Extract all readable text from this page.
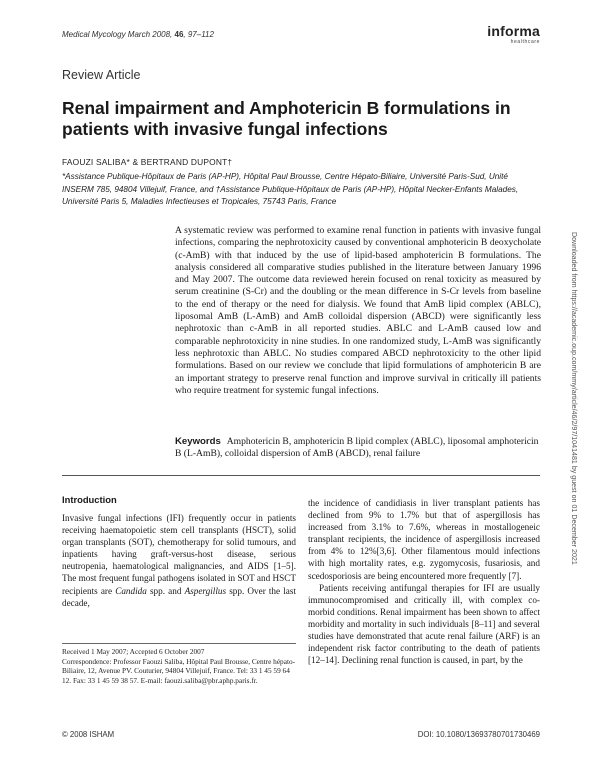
Medical Mycology March 2008, 46, 97–112	informa
healthcare
Review Article
Renal impairment and Amphotericin B formulations in patients with invasive fungal infections
FAOUZI SALIBA* & BERTRAND DUPONT†
*Assistance Publique-Hôpitaux de Paris (AP-HP), Hôpital Paul Brousse, Centre Hépato-Biliaire, Université Paris-Sud, Unité INSERM 785, 94804 Villejuif, France, and †Assistance Publique-Hôpitaux de Paris (AP-HP), Hôpital Necker-Enfants Malades, Université Paris 5, Maladies Infectieuses et Tropicales, 75743 Paris, France
A systematic review was performed to examine renal function in patients with invasive fungal infections, comparing the nephrotoxicity caused by conventional amphotericin B deoxycholate (c-AmB) with that induced by the use of lipid-based amphotericin B formulations. The analysis considered all comparative studies published in the literature between January 1996 and May 2007. The outcome data reviewed herein focused on renal toxicity as measured by serum creatinine (S-Cr) and the doubling or the mean difference in S-Cr levels from baseline to the end of therapy or the need for dialysis. We found that AmB lipid complex (ABLC), liposomal AmB (L-AmB) and AmB colloidal dispersion (ABCD) were significantly less nephrotoxic than c-AmB in all reported studies. ABLC and L-AmB caused low and comparable nephrotoxicity in nine studies. In one randomized study, L-AmB was significantly less nephrotoxic than ABLC. No studies compared ABCD nephrotoxicity to the other lipid formulations. Based on our review we conclude that lipid formulations of amphotericin B are an important strategy to preserve renal function and improve survival in critically ill patients who require treatment for systemic fungal infections.
Keywords Amphotericin B, amphotericin B lipid complex (ABLC), liposomal amphotericin B (L-AmB), colloidal dispersion of AmB (ABCD), renal failure
Introduction
Invasive fungal infections (IFI) frequently occur in patients receiving haematopoietic stem cell transplants (HSCT), solid organ transplants (SOT), chemotherapy for solid tumours, and inpatients having graft-versus-host disease, serious neutropenia, haematological malignancies, and AIDS [1–5]. The most frequent fungal pathogens isolated in SOT and HSCT recipients are Candida spp. and Aspergillus spp. Over the last decade,

the incidence of candidiasis in liver transplant patients has declined from 9% to 1.7% but that of aspergillosis has increased from 3.1% to 7.6%, whereas in mostallogeneic transplant recipients, the incidence of aspergillosis increased from 4% to 12%[3,6]. Other filamentous mould infections with high mortality rates, e.g. zygomycosis, fusariosis, and scedosporiosis are being encountered more frequently [7].

Patients receiving antifungal therapies for IFI are usually immunocompromised and critically ill, with complex co-morbid conditions. Renal impairment has been shown to affect morbidity and mortality in such individuals [8–11] and several studies have demonstrated that acute renal failure (ARF) is an independent risk factor contributing to the death of patients [12–14]. Declining renal function is caused, in part, by the

Received 1 May 2007; Accepted 6 October 2007
Correspondence: Professor Faouzi Saliba, Hôpital Paul Brousse, Centre hépato-Biliaire, 12, Avenue PV. Couturier, 94804 Villejuif, France. Tel: 33 1 45 59 64 12. Fax: 33 1 45 59 38 57. E-mail: faouzi.saliba@pbr.aphp.paris.fr.
© 2008 ISHAM	DOI: 10.1080/13693780701730469
Downloaded from https://academic.oup.com/mmy/article/46/2/97/1041481 by guest on 01 December 2021
